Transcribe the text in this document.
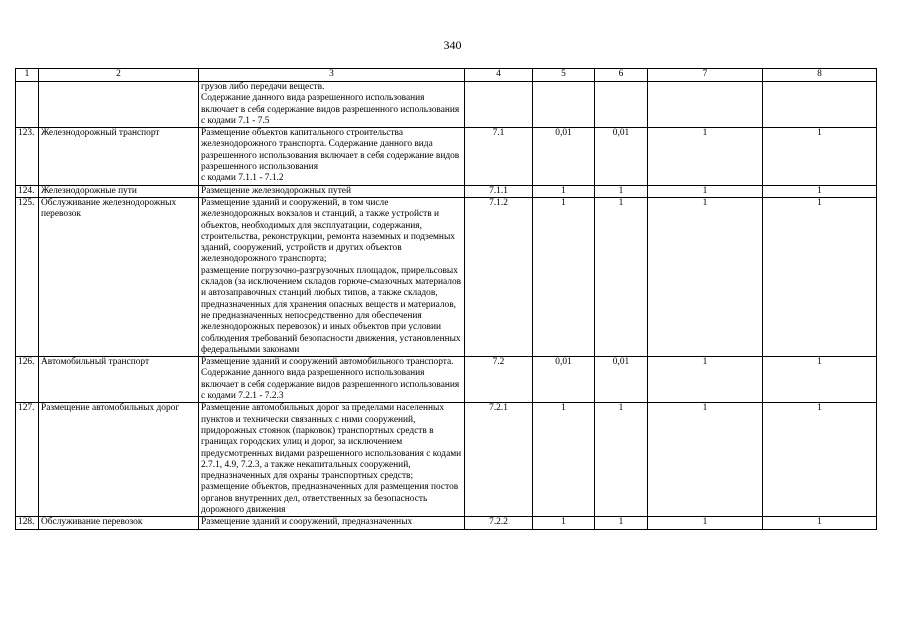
340
1	2	3	4	5	6	7	8
		грузов либо передачи веществ.
Содержание данного вида разрешенного использования включает в себя содержание видов разрешенного использования с кодами 7.1 - 7.5					
123.	Железнодорожный транспорт	Размещение объектов капитального строительства железнодорожного транспорта. Содержание данного вида разрешенного использования включает в себя содержание видов разрешенного использования
с кодами 7.1.1 - 7.1.2	7.1	0,01	0,01	1	1
124.	Железнодорожные пути	Размещение железнодорожных путей	7.1.1	1	1	1	1
125.	Обслуживание железнодорожных перевозок	Размещение зданий и сооружений, в том числе железнодорожных вокзалов и станций, а также устройств и объектов, необходимых для эксплуатации, содержания, строительства, реконструкции, ремонта наземных и подземных зданий, сооружений, устройств и других объектов железнодорожного транспорта;
размещение погрузочно-разгрузочных площадок, прирельсовых складов (за исключением складов горюче-смазочных материалов и автозаправочных станций любых типов, а также складов, предназначенных для хранения опасных веществ и материалов, не предназначенных непосредственно для обеспечения железнодорожных перевозок) и иных объектов при условии соблюдения требований безопасности движения, установленных федеральными законами	7.1.2	1	1	1	1
126.	Автомобильный транспорт	Размещение зданий и сооружений автомобильного транспорта. Содержание данного вида разрешенного использования включает в себя содержание видов разрешенного использования с кодами 7.2.1 - 7.2.3	7.2	0,01	0,01	1	1
127.	Размещение автомобильных дорог	Размещение автомобильных дорог за пределами населенных пунктов и технически связанных с ними сооружений, придорожных стоянок (парковок) транспортных средств в границах городских улиц и дорог, за исключением предусмотренных видами разрешенного использования с кодами 2.7.1, 4.9, 7.2.3, а также некапитальных сооружений, предназначенных для охраны транспортных средств;
размещение объектов, предназначенных для размещения постов органов внутренних дел, ответственных за безопасность дорожного движения	7.2.1	1	1	1	1
128.	Обслуживание перевозок	Размещение зданий и сооружений, предназначенных	7.2.2	1	1	1	1
